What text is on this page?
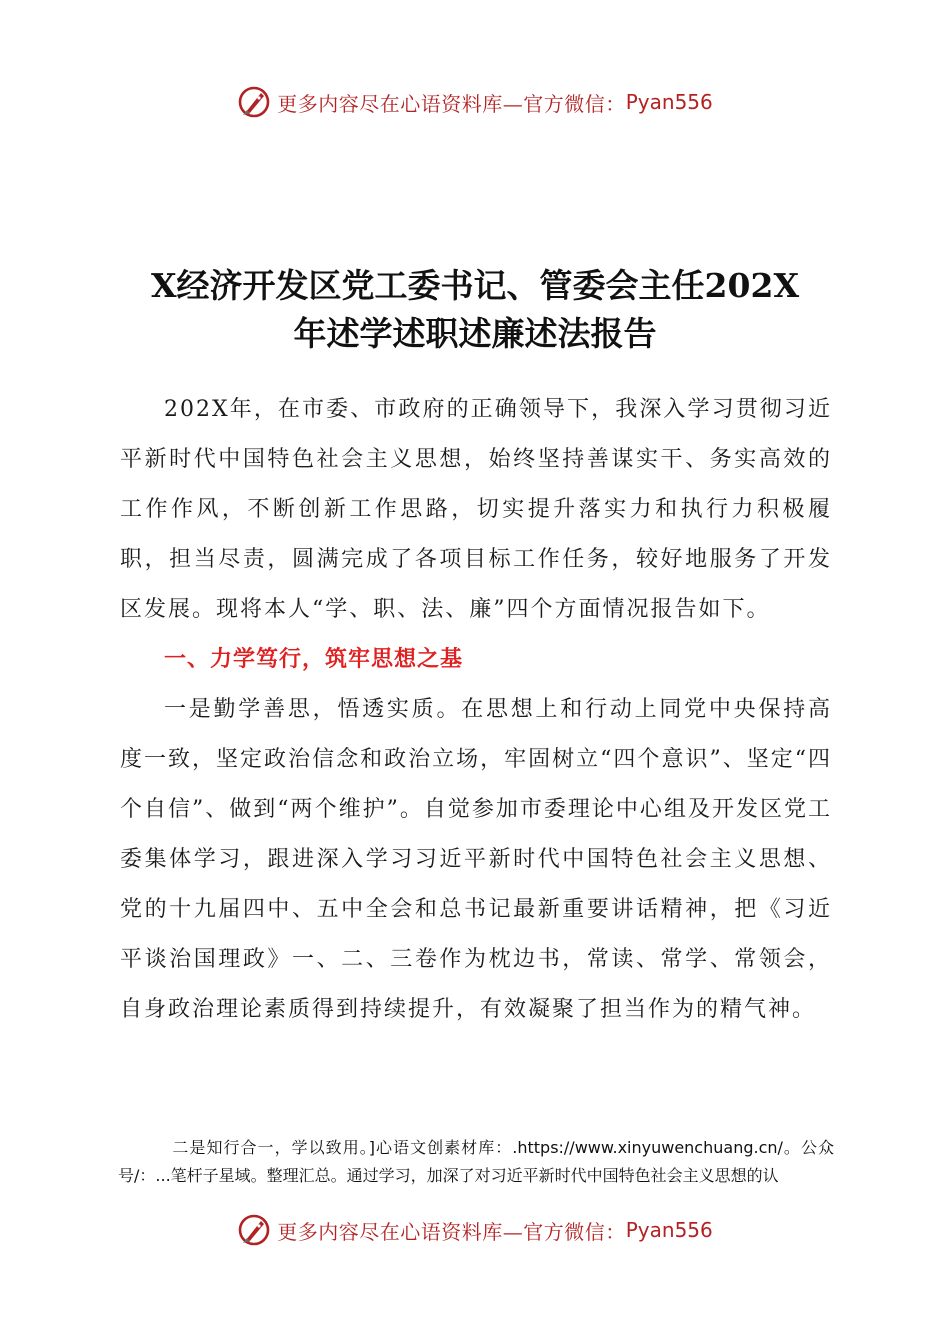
更多内容尽在心语资料库—官方微信： Pyan556
X经济开发区党工委书记、管委会主任202X
年述学述职述廉述法报告

202X年，在市委、市政府的正确领导下，我深入学习贯彻习近平新时代中国特色社会主义思想，始终坚持善谋实干、务实高效的工作作风，不断创新工作思路，切实提升落实力和执行力积极履职，担当尽责，圆满完成了各项目标工作任务，较好地服务了开发区发展。现将本人“学、职、法、廉”四个方面情况报告如下。

一、力学笃行，筑牢思想之基

一是勤学善思，悟透实质。在思想上和行动上同党中央保持高度一致，坚定政治信念和政治立场，牢固树立“四个意识”、坚定“四个自信”、做到“两个维护”。自觉参加市委理论中心组及开发区党工委集体学习，跟进深入学习习近平新时代中国特色社会主义思想、党的十九届四中、五中全会和总书记最新重要讲话精神，把《习近平谈治国理政》一、二、三卷作为枕边书，常读、常学、常领会，自身政治理论素质得到持续提升，有效凝聚了担当作为的精气神。

二是知行合一，学以致用。]心语文创素材库：.https://www.xinyuwenchuang.cn/。公众号/：...笔杆子星域。整理汇总。通过学习，加深了对习近平新时代中国特色社会主义思想的认

更多内容尽在心语资料库—官方微信： Pyan556
